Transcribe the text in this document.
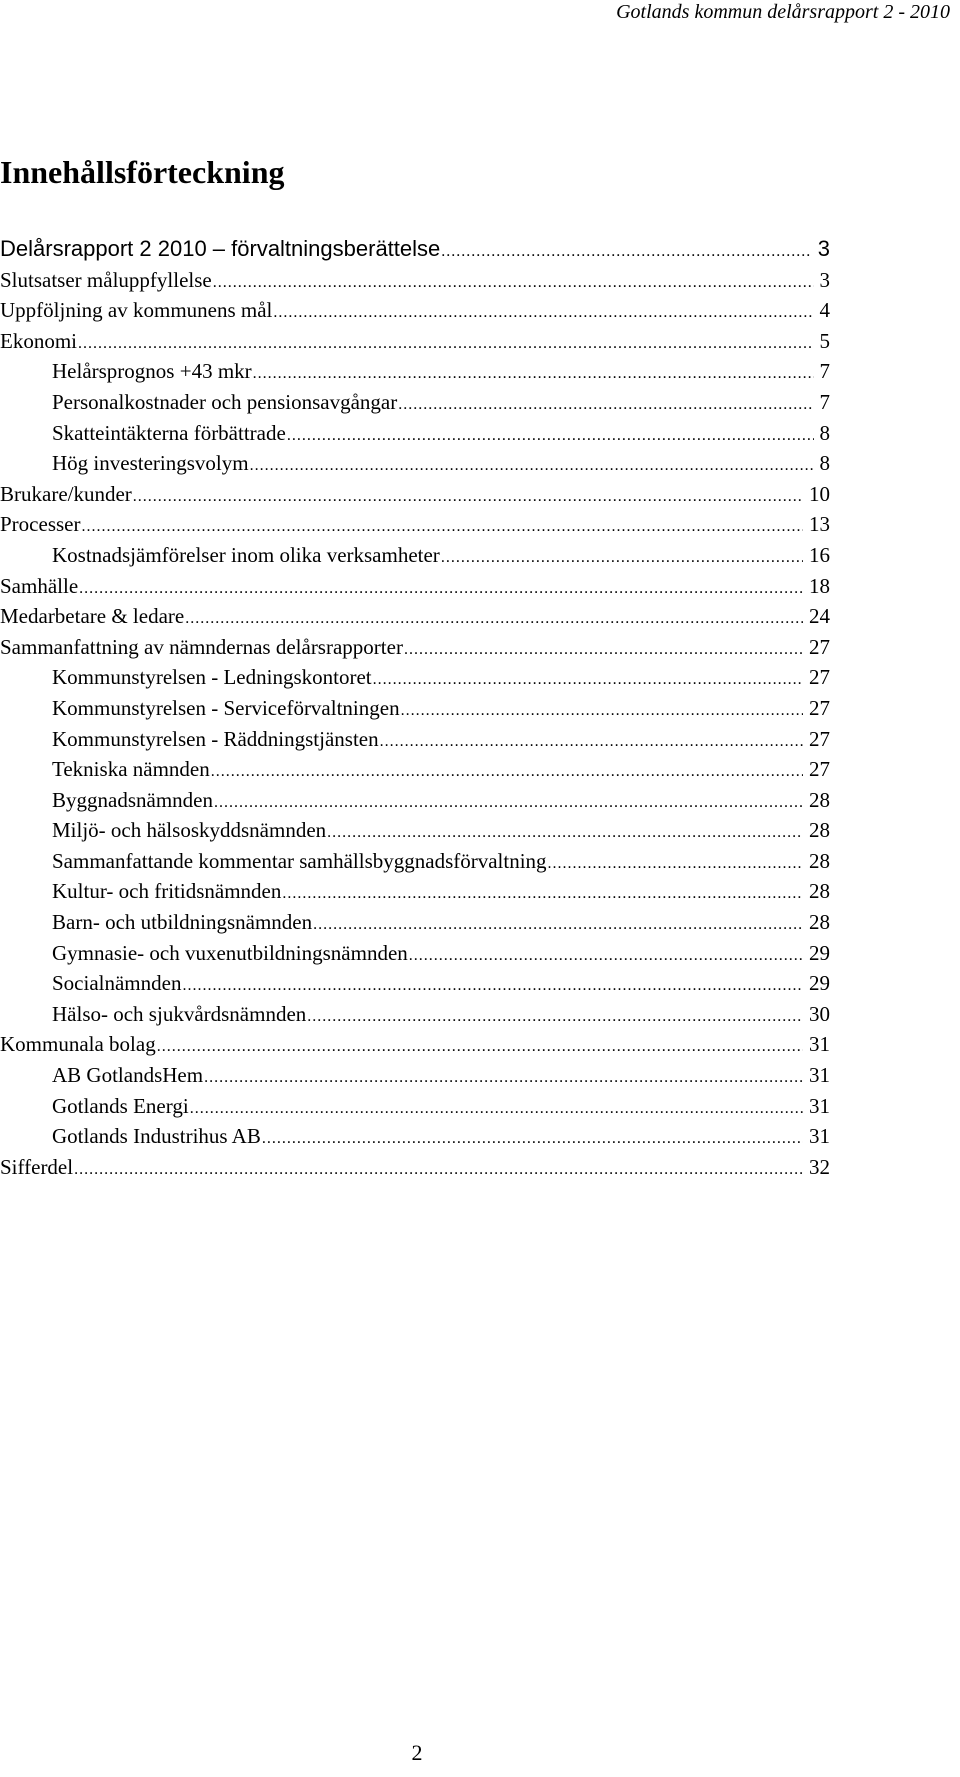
Gotlands kommun delårsrapport 2 - 2010
Innehållsförteckning
Delårsrapport 2 2010 – förvaltningsberättelse .....	3
Slutsatser måluppfyllelse .....	3
Uppföljning av kommunens mål .....	4
Ekonomi .....	5
Helårsprognos +43 mkr .....	7
Personalkostnader och pensionsavgångar .....	7
Skatteintäkterna förbättrade .....	8
Hög investeringsvolym .....	8
Brukare/kunder .....	10
Processer .....	13
Kostnadsjämförelser inom olika verksamheter .....	16
Samhälle .....	18
Medarbetare & ledare .....	24
Sammanfattning av nämndernas delårsrapporter .....	27
Kommunstyrelsen - Ledningskontoret .....	27
Kommunstyrelsen - Serviceförvaltningen .....	27
Kommunstyrelsen - Räddningstjänsten .....	27
Tekniska nämnden .....	27
Byggnadsnämnden .....	28
Miljö- och hälsoskyddsnämnden .....	28
Sammanfattande kommentar samhällsbyggnadsförvaltning .....	28
Kultur- och fritidsnämnden .....	28
Barn- och utbildningsnämnden .....	28
Gymnasie- och vuxenutbildningsnämnden .....	29
Socialnämnden .....	29
Hälso- och sjukvårdsnämnden .....	30
Kommunala bolag .....	31
AB GotlandsHem .....	31
Gotlands Energi .....	31
Gotlands Industrihus AB .....	31
Sifferdel .....	32
2
